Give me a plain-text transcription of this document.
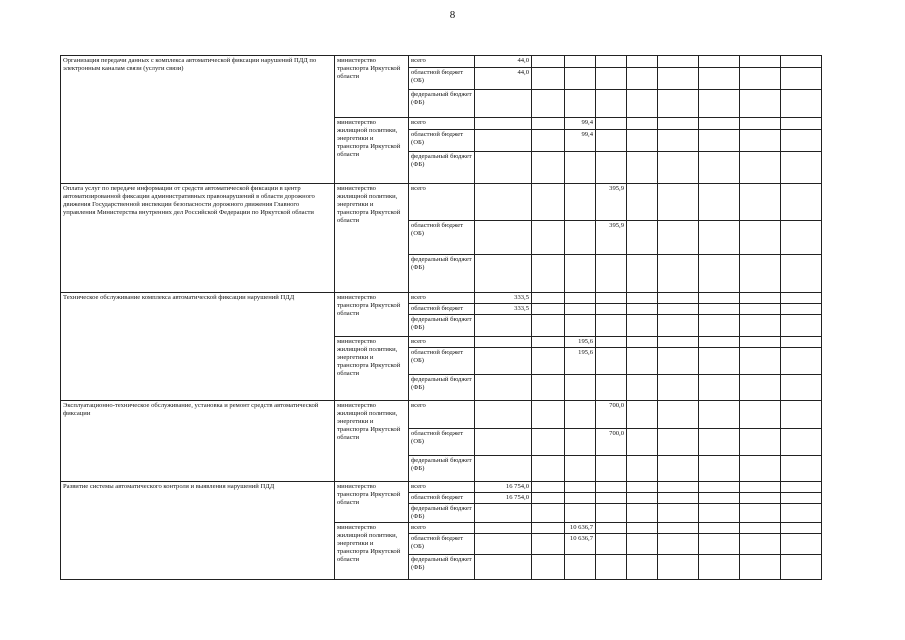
8
Организация передачи данных с комплекса автоматической фиксации нарушений ПДД по электронным каналам связи (услуги связи)	министерство транспорта Иркутской области	всего	44,0								
		областной бюджет (ОБ)	44,0								
		федеральный бюджет (ФБ)									
	министерство жилищной политики, энергетики и транспорта Иркутской области	всего			99,4						
		областной бюджет (ОБ)			99,4						
		федеральный бюджет (ФБ)									
Оплата услуг по передаче информации от средств автоматической фиксации в центр автоматизированной фиксации административных правонарушений в области дорожного движения Государственной инспекции безопасности дорожного движения Главного управления Министерства внутренних дел Российской Федерации по Иркутской области	министерство жилищной политики, энергетики и транспорта Иркутской области	всего				395,9					
		областной бюджет (ОБ)				395,9					
		федеральный бюджет (ФБ)									
Техническое обслуживание комплекса автоматической фиксации нарушений ПДД	министерство транспорта Иркутской области	всего	333,5								
		областной бюджет	333,5								
		федеральный бюджет (ФБ)									
	министерство жилищной политики, энергетики и транспорта Иркутской области	всего			195,6						
		областной бюджет (ОБ)			195,6						
		федеральный бюджет (ФБ)									
Эксплуатационно-техническое обслуживание, установка и ремонт средств автоматической фиксации	министерство жилищной политики, энергетики и транспорта Иркутской области	всего				700,0					
		областной бюджет (ОБ)				700,0					
		федеральный бюджет (ФБ)									
Развитие системы автоматического контроля и выявления нарушений ПДД	министерство транспорта Иркутской области	всего	16 754,0								
		областной бюджет	16 754,0								
		федеральный бюджет (ФБ)									
	министерство жилищной политики, энергетики и транспорта Иркутской области	всего			10 636,7						
		областной бюджет (ОБ)			10 636,7						
		федеральный бюджет (ФБ)									
